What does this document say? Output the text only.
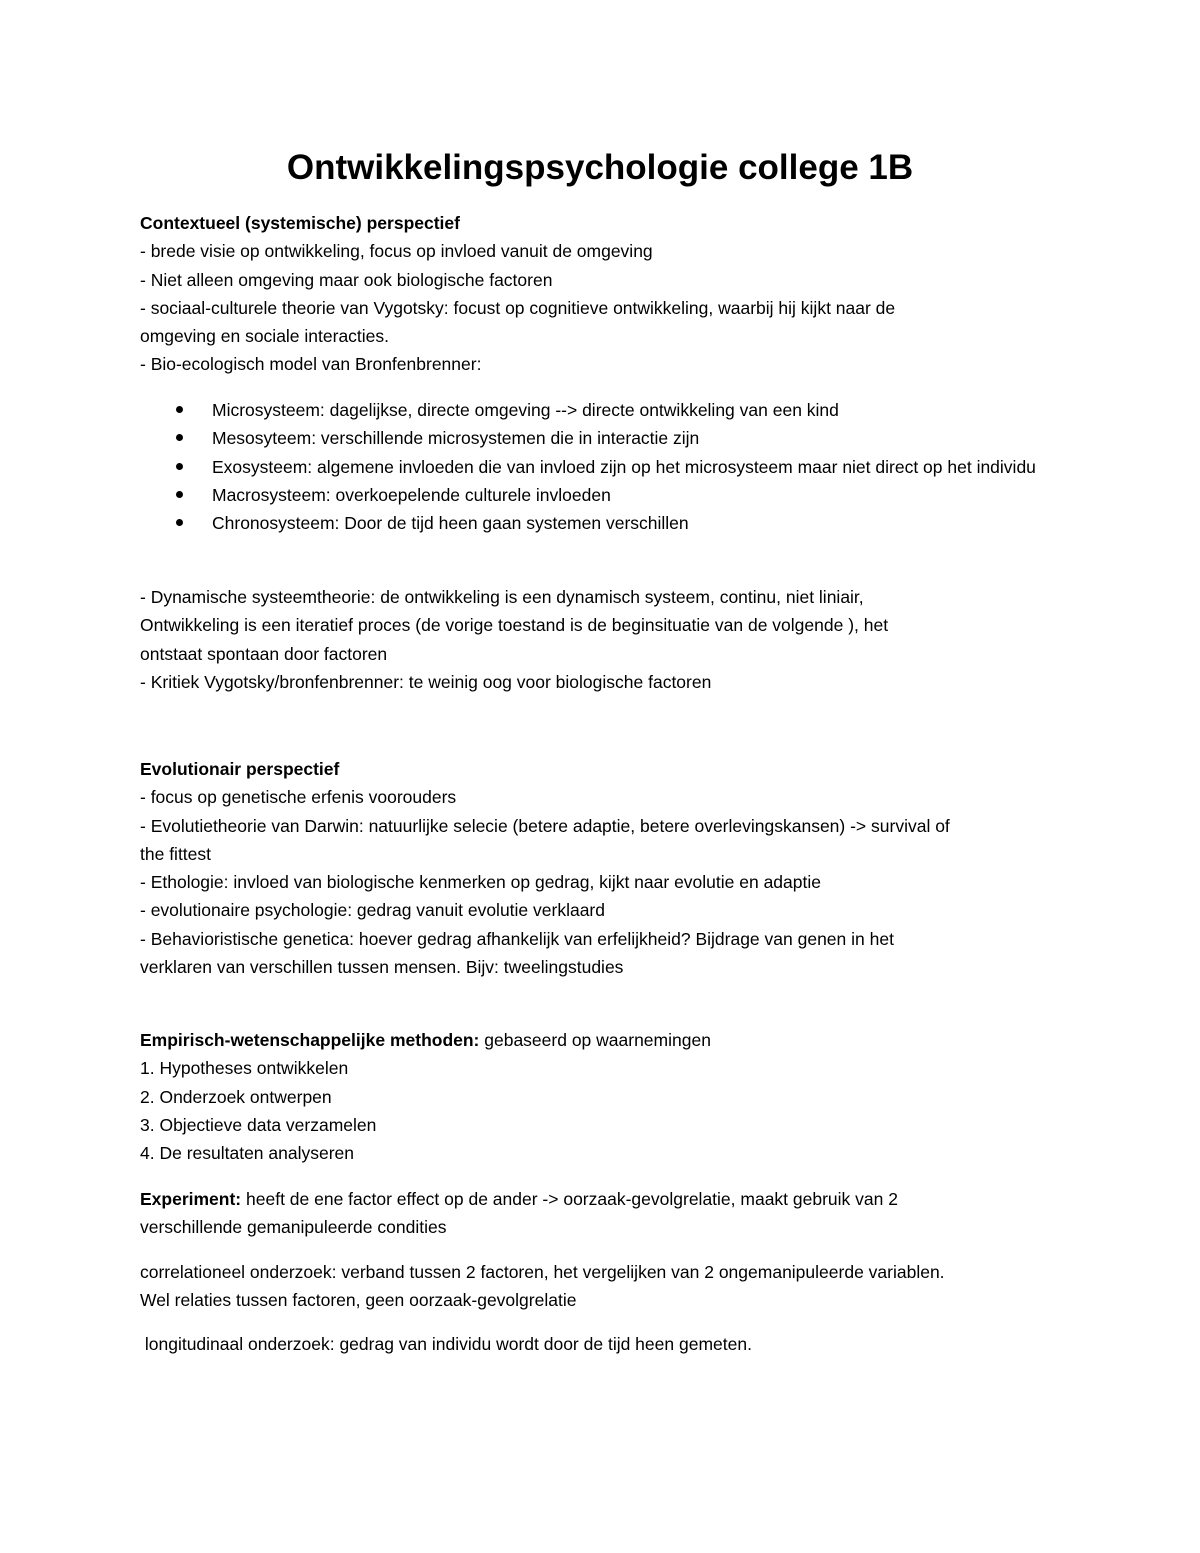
Ontwikkelingspsychologie college 1B
Contextueel (systemische) perspectief
- brede visie op ontwikkeling, focus op invloed vanuit de omgeving
- Niet alleen omgeving maar ook biologische factoren
- sociaal-culturele theorie van Vygotsky: focust op cognitieve ontwikkeling, waarbij hij kijkt naar de
omgeving en sociale interacties.
- Bio-ecologisch model van Bronfenbrenner:
Microsysteem: dagelijkse, directe omgeving --> directe ontwikkeling van een kind
Mesosyteem: verschillende microsystemen die in interactie zijn
Exosysteem: algemene invloeden die van invloed zijn op het microsysteem maar niet direct op het individu
Macrosysteem: overkoepelende culturele invloeden
Chronosysteem: Door de tijd heen gaan systemen verschillen
- Dynamische systeemtheorie: de ontwikkeling is een dynamisch systeem, continu, niet liniair,
Ontwikkeling is een iteratief proces (de vorige toestand is de beginsituatie van de volgende ), het
ontstaat spontaan door factoren
- Kritiek Vygotsky/bronfenbrenner: te weinig oog voor biologische factoren
Evolutionair perspectief
- focus op genetische erfenis voorouders
- Evolutietheorie van Darwin: natuurlijke selecie (betere adaptie, betere overlevingskansen) -> survival of
the fittest
- Ethologie: invloed van biologische kenmerken op gedrag, kijkt naar evolutie en adaptie
- evolutionaire psychologie: gedrag vanuit evolutie verklaard
- Behavioristische genetica: hoever gedrag afhankelijk van erfelijkheid? Bijdrage van genen in het
verklaren van verschillen tussen mensen. Bijv: tweelingstudies
Empirisch-wetenschappelijke methoden: gebaseerd op waarnemingen
1. Hypotheses ontwikkelen
2. Onderzoek ontwerpen
3. Objectieve data verzamelen
4. De resultaten analyseren
Experiment: heeft de ene factor effect op de ander -> oorzaak-gevolgrelatie, maakt gebruik van 2
verschillende gemanipuleerde condities
correlationeel onderzoek: verband tussen 2 factoren, het vergelijken van 2 ongemanipuleerde variablen.
Wel relaties tussen factoren, geen oorzaak-gevolgrelatie
longitudinaal onderzoek: gedrag van individu wordt door de tijd heen gemeten.
